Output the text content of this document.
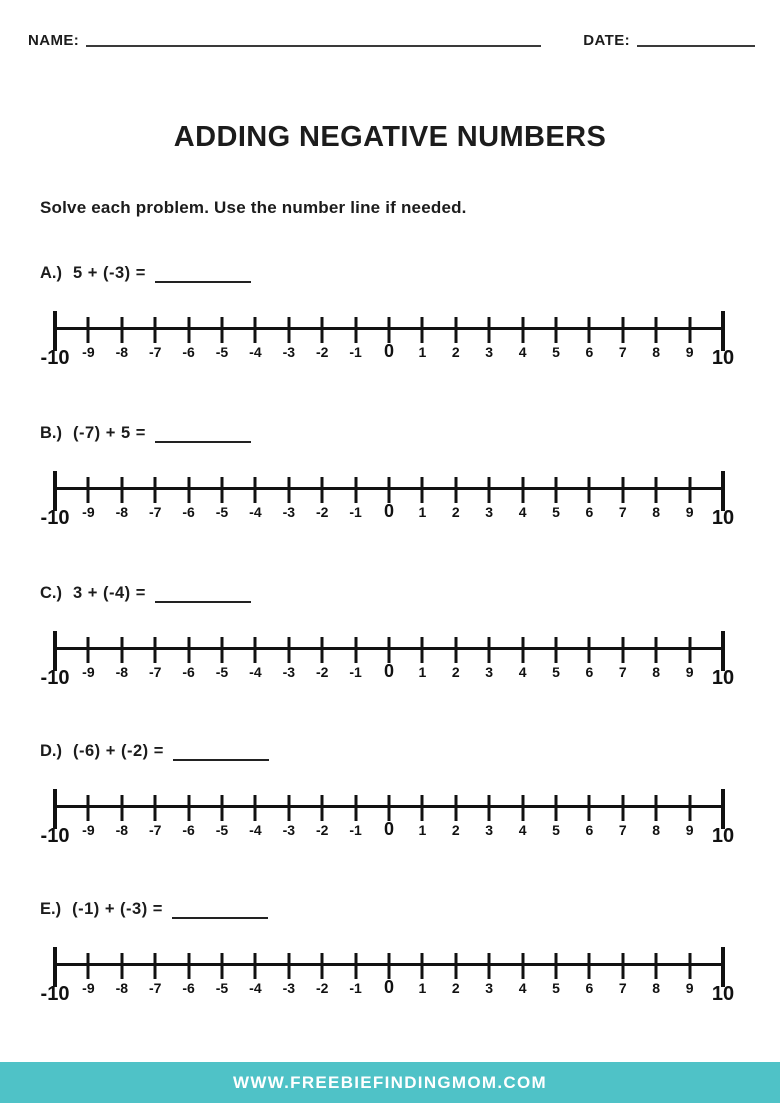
NAME:	DATE:
ADDING NEGATIVE NUMBERS
Solve each problem. Use the number line if needed.
A.) 5 + (-3) =
-10 -9 -8 -7 -6 -5 -4 -3 -2 -1 0 1 2 3 4 5 6 7 8 9 10
B.) (-7) + 5 =
-10 -9 -8 -7 -6 -5 -4 -3 -2 -1 0 1 2 3 4 5 6 7 8 9 10
C.) 3 + (-4) =
-10 -9 -8 -7 -6 -5 -4 -3 -2 -1 0 1 2 3 4 5 6 7 8 9 10
D.) (-6) + (-2) =
-10 -9 -8 -7 -6 -5 -4 -3 -2 -1 0 1 2 3 4 5 6 7 8 9 10
E.) (-1) + (-3) =
-10 -9 -8 -7 -6 -5 -4 -3 -2 -1 0 1 2 3 4 5 6 7 8 9 10
WWW.FREEBIEFINDINGMOM.COM
